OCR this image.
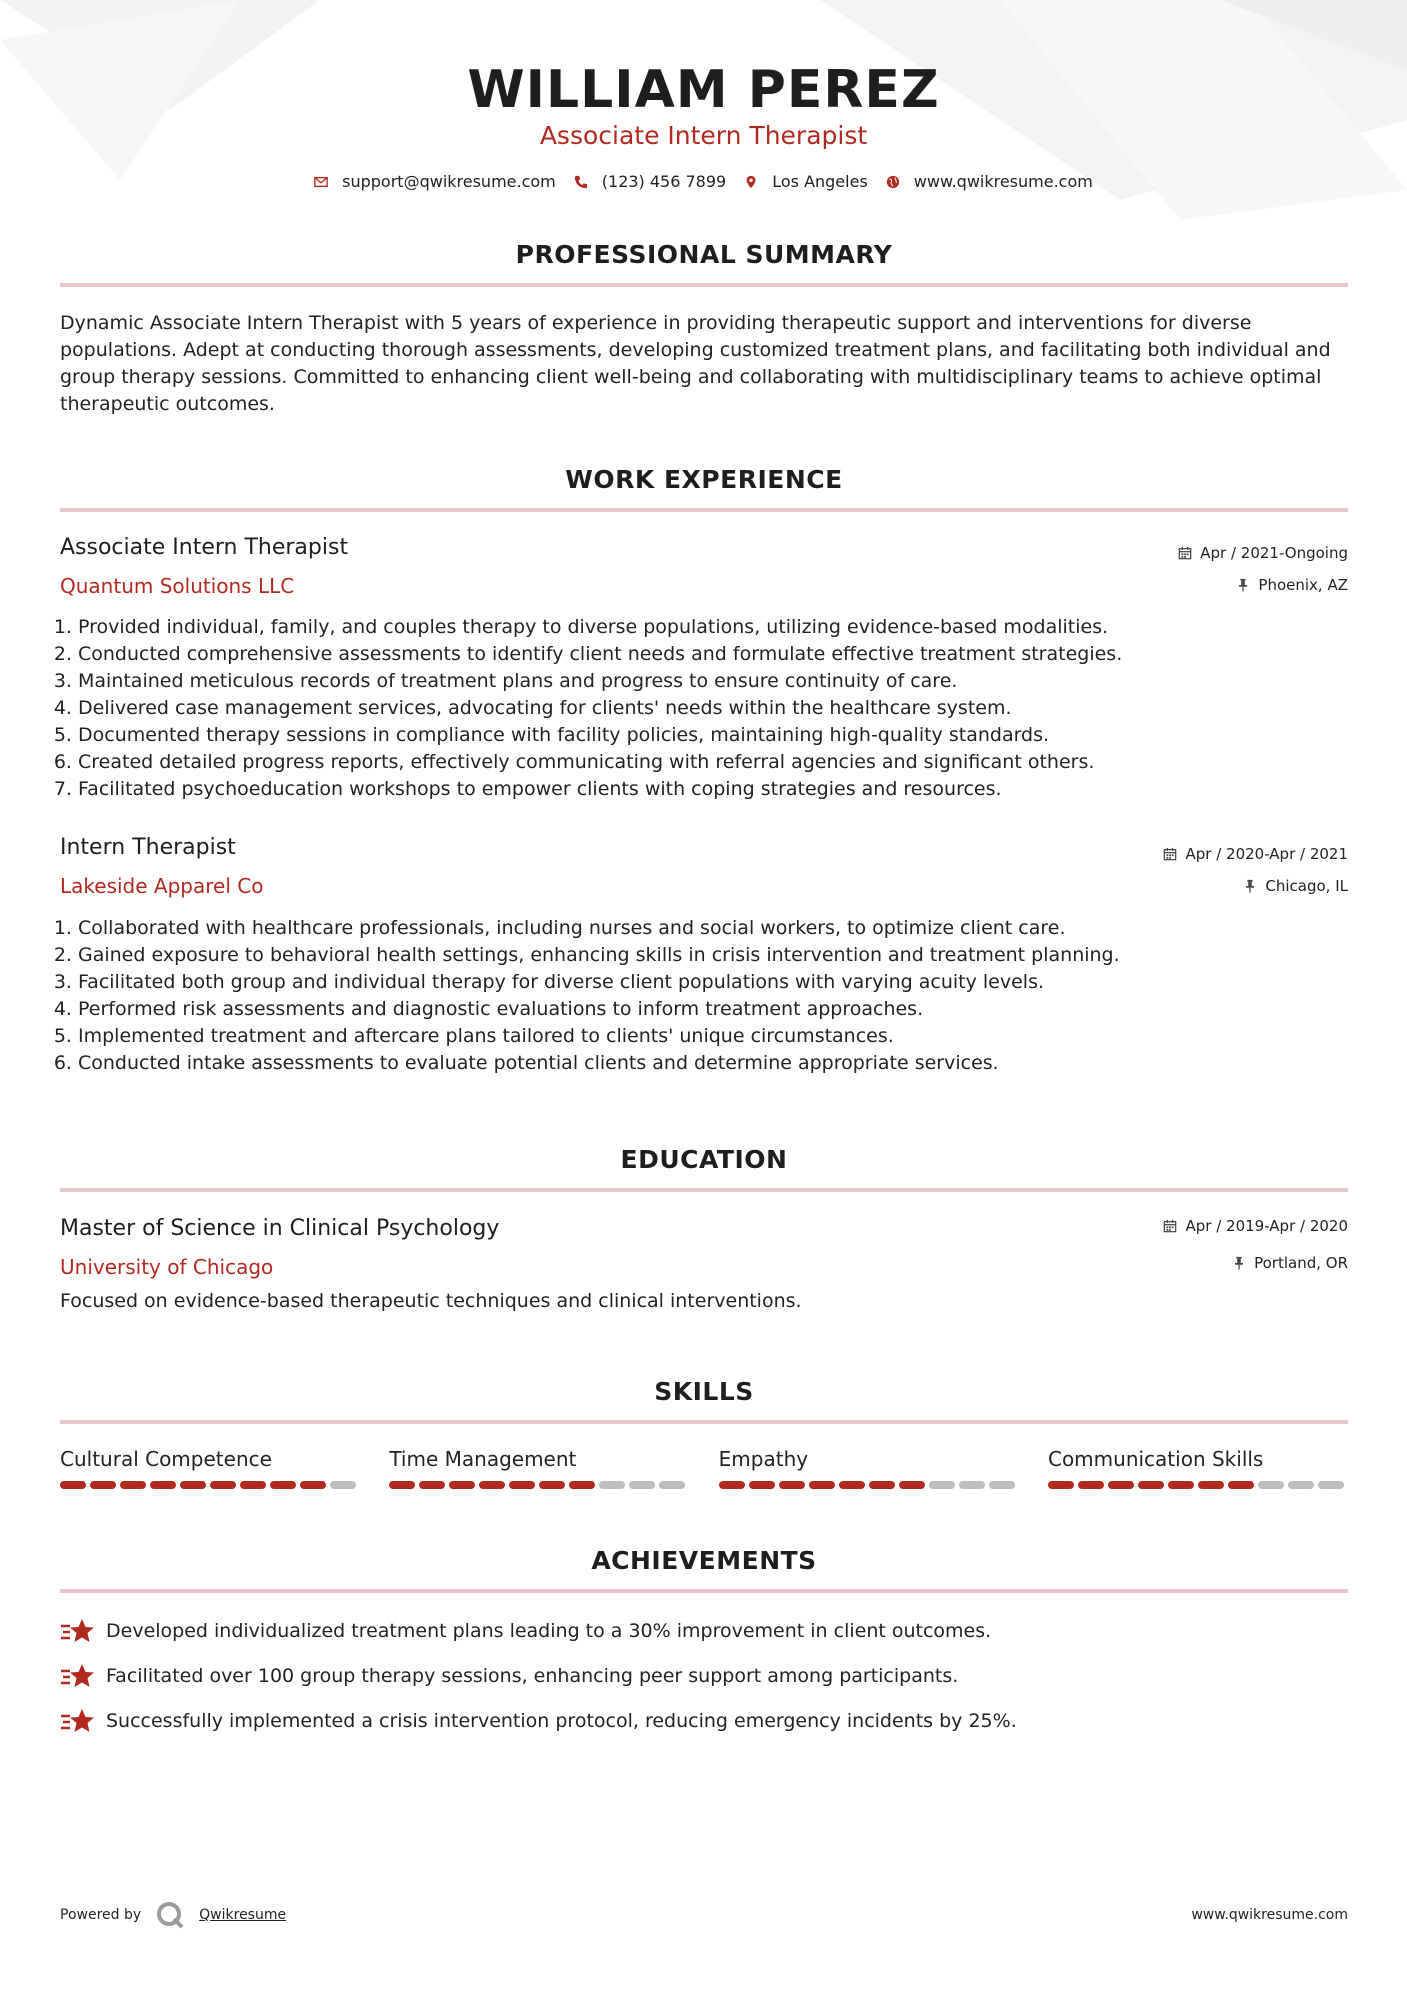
WILLIAM PEREZ
Associate Intern Therapist
support@qwikresume.com	(123) 456 7899	Los Angeles	www.qwikresume.com
PROFESSIONAL SUMMARY
Dynamic Associate Intern Therapist with 5 years of experience in providing therapeutic support and interventions for diverse populations. Adept at conducting thorough assessments, developing customized treatment plans, and facilitating both individual and group therapy sessions. Committed to enhancing client well-being and collaborating with multidisciplinary teams to achieve optimal therapeutic outcomes.
WORK EXPERIENCE
Associate Intern Therapist
Quantum Solutions LLC
Apr / 2021-Ongoing
Phoenix, AZ
1. Provided individual, family, and couples therapy to diverse populations, utilizing evidence-based modalities.
2. Conducted comprehensive assessments to identify client needs and formulate effective treatment strategies.
3. Maintained meticulous records of treatment plans and progress to ensure continuity of care.
4. Delivered case management services, advocating for clients' needs within the healthcare system.
5. Documented therapy sessions in compliance with facility policies, maintaining high-quality standards.
6. Created detailed progress reports, effectively communicating with referral agencies and significant others.
7. Facilitated psychoeducation workshops to empower clients with coping strategies and resources.
Intern Therapist
Lakeside Apparel Co
Apr / 2020-Apr / 2021
Chicago, IL
1. Collaborated with healthcare professionals, including nurses and social workers, to optimize client care.
2. Gained exposure to behavioral health settings, enhancing skills in crisis intervention and treatment planning.
3. Facilitated both group and individual therapy for diverse client populations with varying acuity levels.
4. Performed risk assessments and diagnostic evaluations to inform treatment approaches.
5. Implemented treatment and aftercare plans tailored to clients' unique circumstances.
6. Conducted intake assessments to evaluate potential clients and determine appropriate services.
EDUCATION
Master of Science in Clinical Psychology
University of Chicago
Apr / 2019-Apr / 2020
Portland, OR
Focused on evidence-based therapeutic techniques and clinical interventions.
SKILLS
Cultural Competence	Time Management	Empathy	Communication Skills
ACHIEVEMENTS
Developed individualized treatment plans leading to a 30% improvement in client outcomes.
Facilitated over 100 group therapy sessions, enhancing peer support among participants.
Successfully implemented a crisis intervention protocol, reducing emergency incidents by 25%.
Powered by	Qwikresume	www.qwikresume.com
